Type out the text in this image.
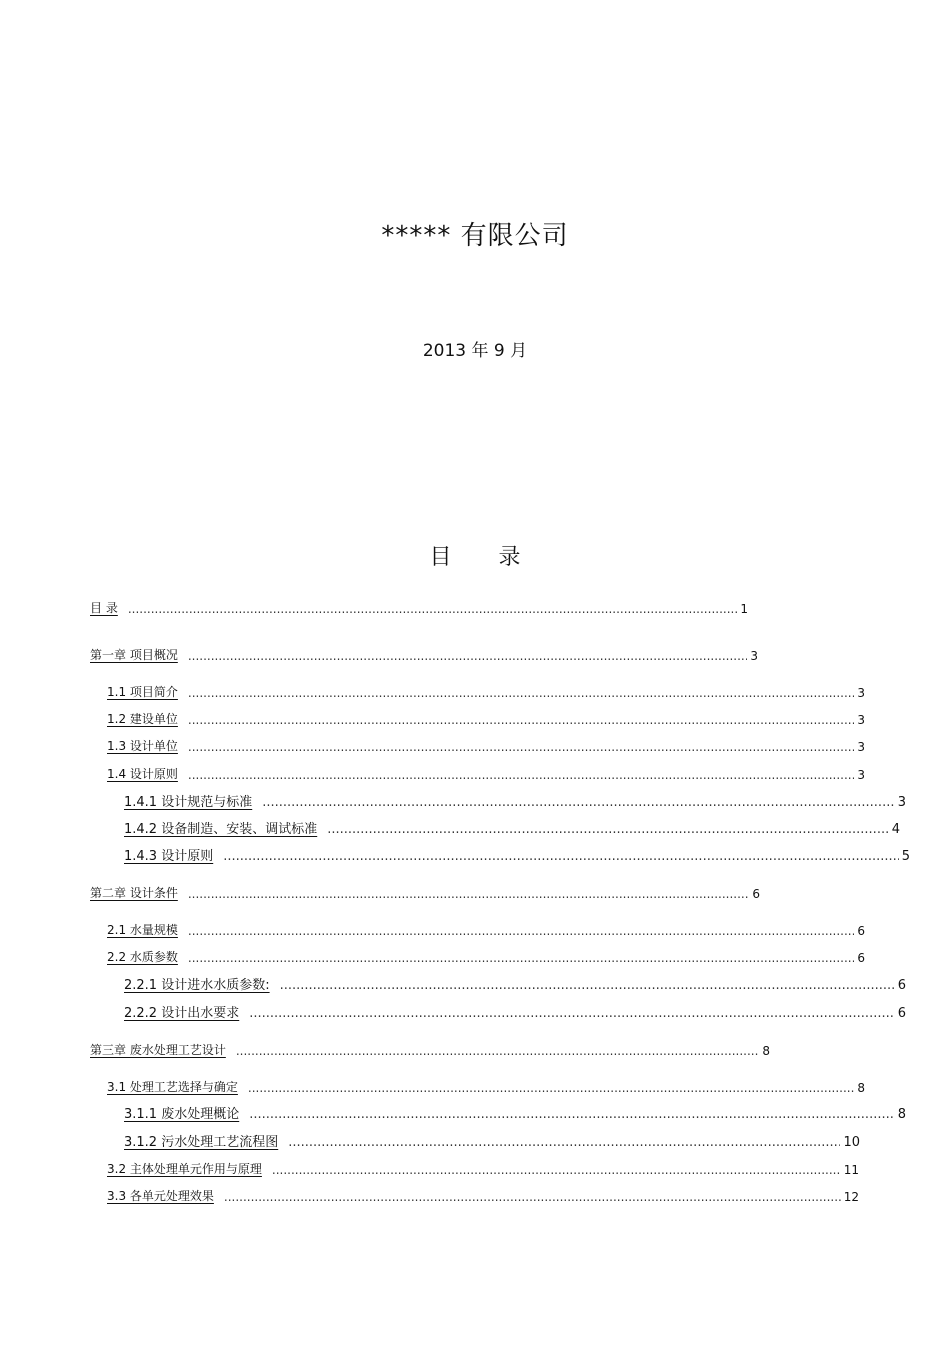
***** 有限公司
2013 年 9 月
目 录
目 录 .....	1
第一章 项目概况 .....	3
1.1 项目简介 .....	3
1.2 建设单位 .....	3
1.3 设计单位 .....	3
1.4 设计原则 .....	3
1.4.1 设计规范与标准 .....	3
1.4.2 设备制造、安装、调试标准 .....	4
1.4.3 设计原则 .....	5
第二章 设计条件 .....	6
2.1 水量规模 .....	6
2.2 水质参数 .....	6
2.2.1 设计进水水质参数: .....	6
2.2.2 设计出水要求 .....	6
第三章 废水处理工艺设计 .....	8
3.1 处理工艺选择与确定 .....	8
3.1.1 废水处理概论 .....	8
3.1.2 污水处理工艺流程图 .....	10
3.2 主体处理单元作用与原理 .....	11
3.3 各单元处理效果 .....	12
